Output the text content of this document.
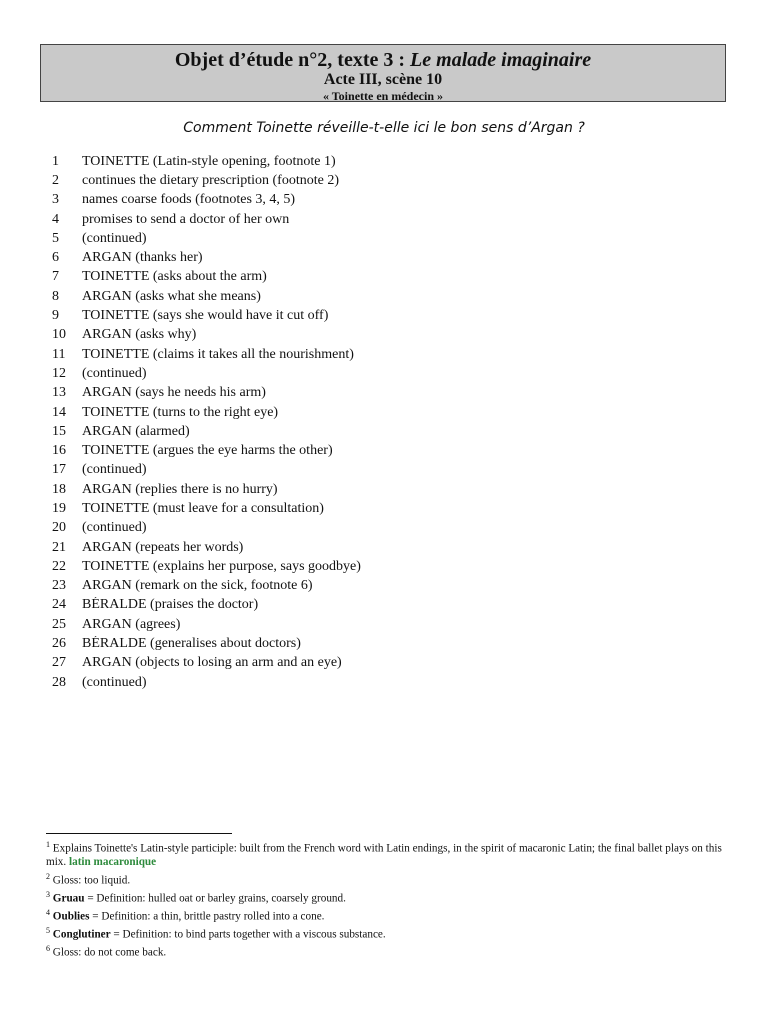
Objet d’étude n°2, texte 3 : Le malade imaginaire
Acte III, scène 10
« Toinette en médecin »
Comment Toinette réveille-t-elle ici le bon sens d’Argan ?
1	TOINETTE (Latin-style opening, footnote 1)
2	continues the dietary prescription (footnote 2)
3	names coarse foods (footnotes 3, 4, 5)
4	promises to send a doctor of her own
5	(continued)
6	ARGAN (thanks her)
7	TOINETTE (asks about the arm)
8	ARGAN (asks what she means)
9	TOINETTE (says she would have it cut off)
10	ARGAN (asks why)
11	TOINETTE (claims it takes all the nourishment)
12	(continued)
13	ARGAN (says he needs his arm)
14	TOINETTE (turns to the right eye)
15	ARGAN (alarmed)
16	TOINETTE (argues the eye harms the other)
17	(continued)
18	ARGAN (replies there is no hurry)
19	TOINETTE (must leave for a consultation)
20	(continued)
21	ARGAN (repeats her words)
22	TOINETTE (explains her purpose, says goodbye)
23	ARGAN (remark on the sick, footnote 6)
24	BÉRALDE (praises the doctor)
25	ARGAN (agrees)
26	BÉRALDE (generalises about doctors)
27	ARGAN (objects to losing an arm and an eye)
28	(continued)

$^1$ Explains Toinette's Latin-style participle: built from the French word with Latin endings, in the spirit of macaronic Latin; the final ballet plays on this mix. latin macaronique

$^2$ Gloss: too liquid.

$^3$ Gruau = Definition: hulled oat or barley grains, coarsely ground.

$^4$ Oublies = Definition: a thin, brittle pastry rolled into a cone.

$^5$ Conglutiner = Definition: to bind parts together with a viscous substance.

$^6$ Gloss: do not come back.
